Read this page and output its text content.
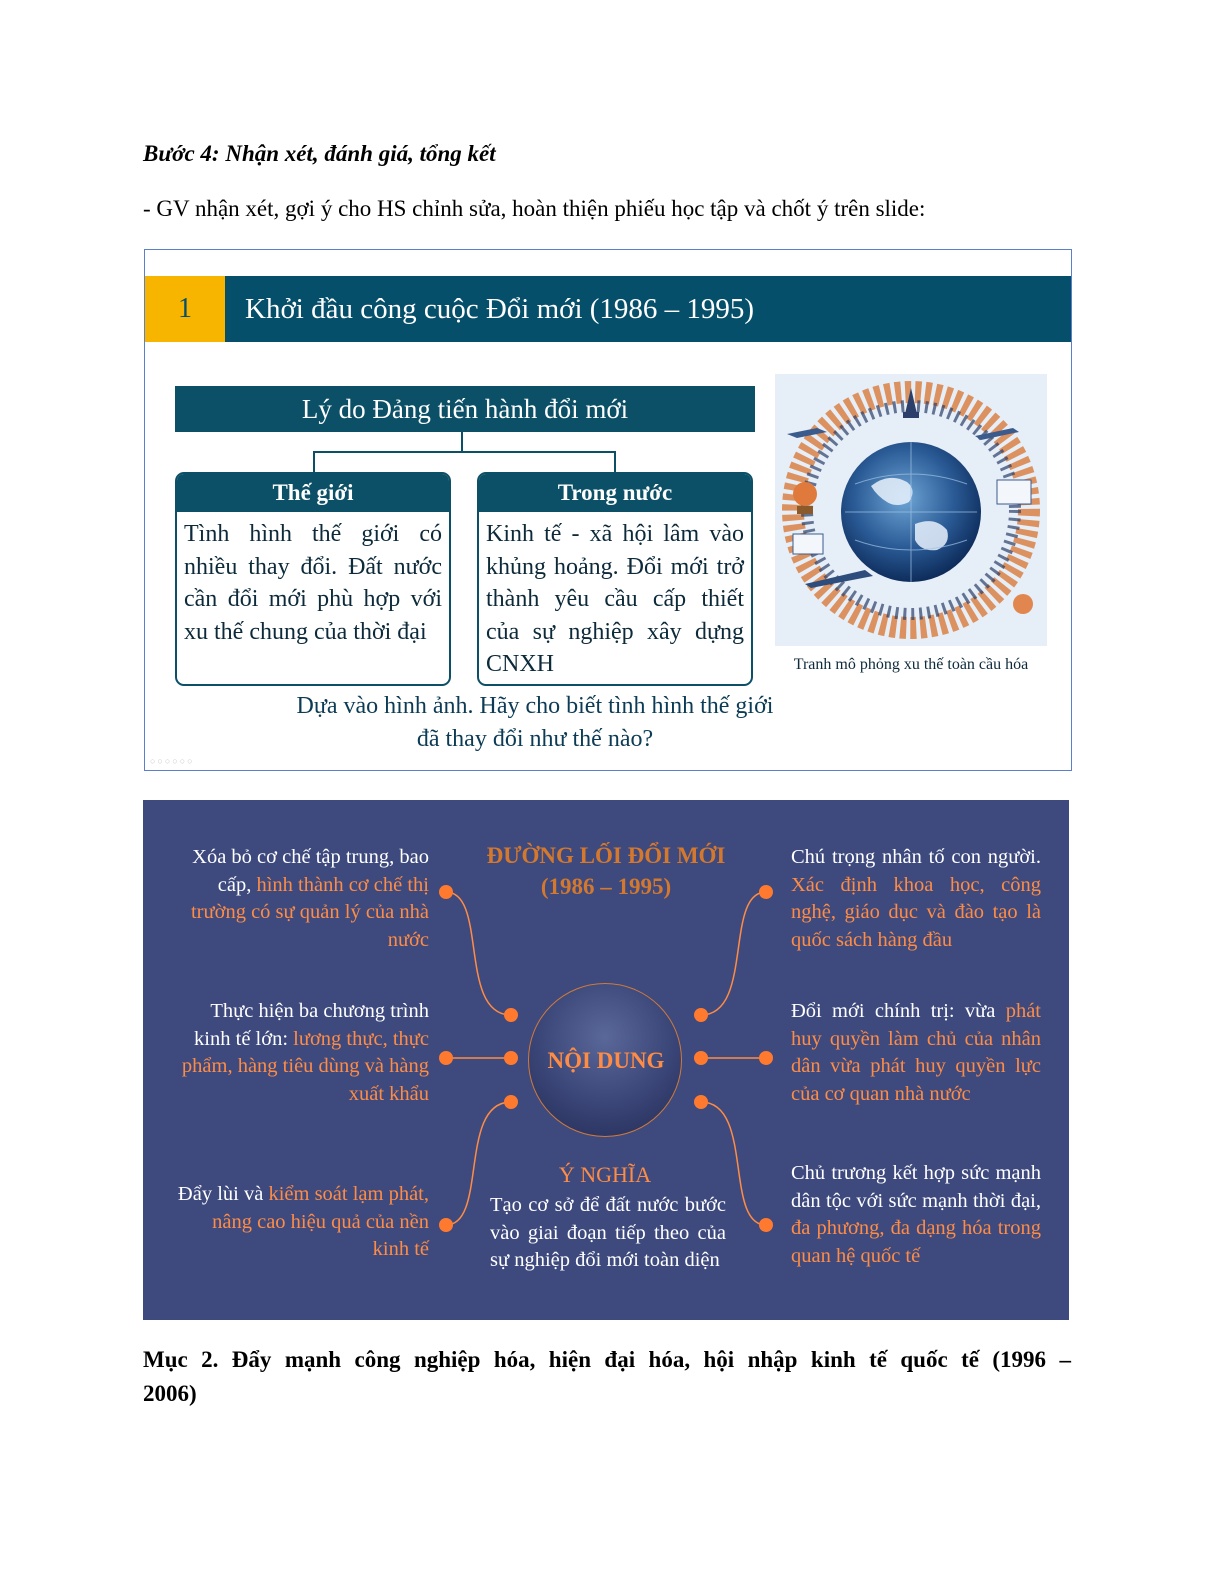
Bước 4: Nhận xét, đánh giá, tổng kết
- GV nhận xét, gợi ý cho HS chỉnh sửa, hoàn thiện phiếu học tập và chốt ý trên slide:
1	Khởi đầu công cuộc Đổi mới (1986 – 1995)
Lý do Đảng tiến hành đổi mới
Thế giới
Tình hình thế giới có nhiều thay đổi. Đất nước cần đổi mới phù hợp với xu thế chung của thời đại
Trong nước
Kinh tế - xã hội lâm vào khủng hoảng. Đổi mới trở thành yêu cầu cấp thiết của sự nghiệp xây dựng CNXH	Tranh mô phỏng xu thế toàn cầu hóa
Dựa vào hình ảnh. Hãy cho biết tình hình thế giới
đã thay đổi như thế nào?
○○○○○○
ĐƯỜNG LỐI ĐỔI MỚI
(1986 – 1995)
NỘI DUNG
Xóa bỏ cơ chế tập trung, bao cấp, hình thành cơ chế thị trường có sự quản lý của nhà nước
Thực hiện ba chương trình kinh tế lớn: lương thực, thực phẩm, hàng tiêu dùng và hàng xuất khẩu
Đẩy lùi và kiểm soát lạm phát, nâng cao hiệu quả của nền kinh tế
Chú trọng nhân tố con người. Xác định khoa học, công nghệ, giáo dục và đào tạo là quốc sách hàng đầu
Đổi mới chính trị: vừa phát huy quyền làm chủ của nhân dân vừa phát huy quyền lực của cơ quan nhà nước
Chủ trương kết hợp sức mạnh dân tộc với sức mạnh thời đại, đa phương, đa dạng hóa trong quan hệ quốc tế
Ý NGHĨA
Tạo cơ sở để đất nước bước vào giai đoạn tiếp theo của sự nghiệp đổi mới toàn diện
Mục 2. Đẩy mạnh công nghiệp hóa, hiện đại hóa, hội nhập kinh tế quốc tế (1996 –
2006)
